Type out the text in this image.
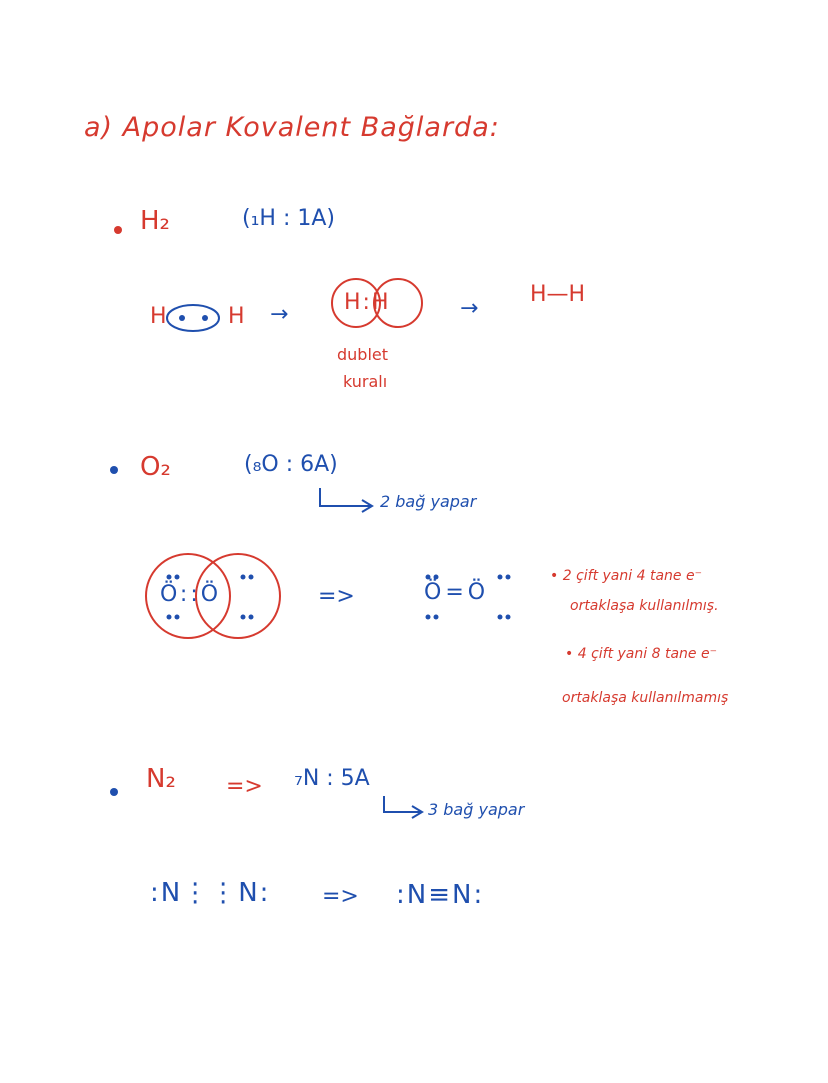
a) Apolar Kovalent Bağlarda:
H₂	(₁H : 1A)
H	H →	H:H	→
H—H
dublet
kuralı
O₂	(₈O : 6A)
2 bağ yapar
Ö::Ö	=>	Ö=Ö
• 2 çift yani 4 tane e⁻
ortaklaşa kullanılmış.
• 4 çift yani 8 tane e⁻
ortaklaşa kullanılmamış
N₂ => ₇N : 5A
3 bağ yapar
:N⋮⋮N: => :N≡N:
